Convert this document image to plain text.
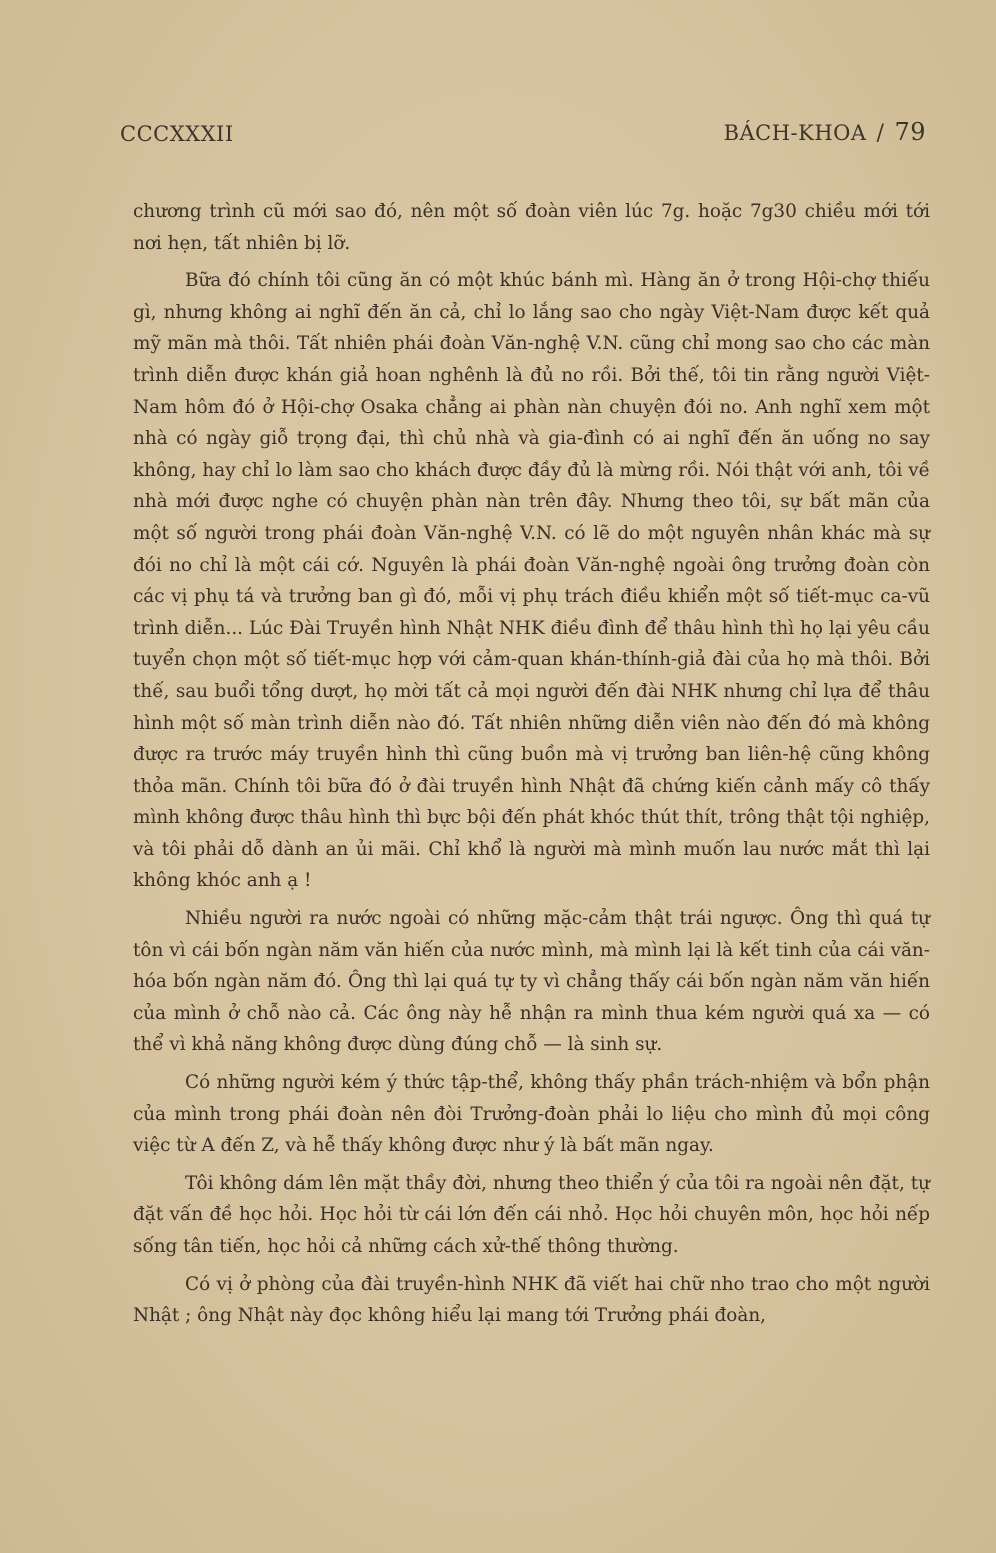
CCCXXXII	BÁCH-KHOA / 79

chương trình cũ mới sao đó, nên một số đoàn viên lúc 7g. hoặc 7g30 chiều mới tới nơi hẹn, tất nhiên bị lỡ.

Bữa đó chính tôi cũng ăn có một khúc bánh mì. Hàng ăn ở trong Hội-chợ thiếu gì, nhưng không ai nghĩ đến ăn cả, chỉ lo lắng sao cho ngày Việt-Nam được kết quả mỹ mãn mà thôi. Tất nhiên phái đoàn Văn-nghệ V.N. cũng chỉ mong sao cho các màn trình diễn được khán giả hoan nghênh là đủ no rồi. Bởi thế, tôi tin rằng người Việt-Nam hôm đó ở Hội-chợ Osaka chẳng ai phàn nàn chuyện đói no. Anh nghĩ xem một nhà có ngày giỗ trọng đại, thì chủ nhà và gia-đình có ai nghĩ đến ăn uống no say không, hay chỉ lo làm sao cho khách được đầy đủ là mừng rồi. Nói thật với anh, tôi về nhà mới được nghe có chuyện phàn nàn trên đây. Nhưng theo tôi, sự bất mãn của một số người trong phái đoàn Văn-nghệ V.N. có lẽ do một nguyên nhân khác mà sự đói no chỉ là một cái cớ. Nguyên là phái đoàn Văn-nghệ ngoài ông trưởng đoàn còn các vị phụ tá và trưởng ban gì đó, mỗi vị phụ trách điều khiển một số tiết-mục ca-vũ trình diễn... Lúc Đài Truyền hình Nhật NHK điều đình để thâu hình thì họ lại yêu cầu tuyển chọn một số tiết-mục hợp với cảm-quan khán-thính-giả đài của họ mà thôi. Bởi thế, sau buổi tổng dượt, họ mời tất cả mọi người đến đài NHK nhưng chỉ lựa để thâu hình một số màn trình diễn nào đó. Tất nhiên những diễn viên nào đến đó mà không được ra trước máy truyền hình thì cũng buồn mà vị trưởng ban liên-hệ cũng không thỏa mãn. Chính tôi bữa đó ở đài truyền hình Nhật đã chứng kiến cảnh mấy cô thấy mình không được thâu hình thì bực bội đến phát khóc thút thít, trông thật tội nghiệp, và tôi phải dỗ dành an ủi mãi. Chỉ khổ là người mà mình muốn lau nước mắt thì lại không khóc anh ạ !

Nhiều người ra nước ngoài có những mặc-cảm thật trái ngược. Ông thì quá tự tôn vì cái bốn ngàn năm văn hiến của nước mình, mà mình lại là kết tinh của cái văn-hóa bốn ngàn năm đó. Ông thì lại quá tự ty vì chẳng thấy cái bốn ngàn năm văn hiến của mình ở chỗ nào cả. Các ông này hễ nhận ra mình thua kém người quá xa — có thể vì khả năng không được dùng đúng chỗ — là sinh sự.

Có những người kém ý thức tập-thể, không thấy phần trách-nhiệm và bổn phận của mình trong phái đoàn nên đòi Trưởng-đoàn phải lo liệu cho mình đủ mọi công việc từ A đến Z, và hễ thấy không được như ý là bất mãn ngay.

Tôi không dám lên mặt thầy đời, nhưng theo thiển ý của tôi ra ngoài nên đặt, tự đặt vấn đề học hỏi. Học hỏi từ cái lớn đến cái nhỏ. Học hỏi chuyên môn, học hỏi nếp sống tân tiến, học hỏi cả những cách xử-thế thông thường.

Có vị ở phòng của đài truyền-hình NHK đã viết hai chữ nho trao cho một người Nhật ; ông Nhật này đọc không hiểu lại mang tới Trưởng phái đoàn,
